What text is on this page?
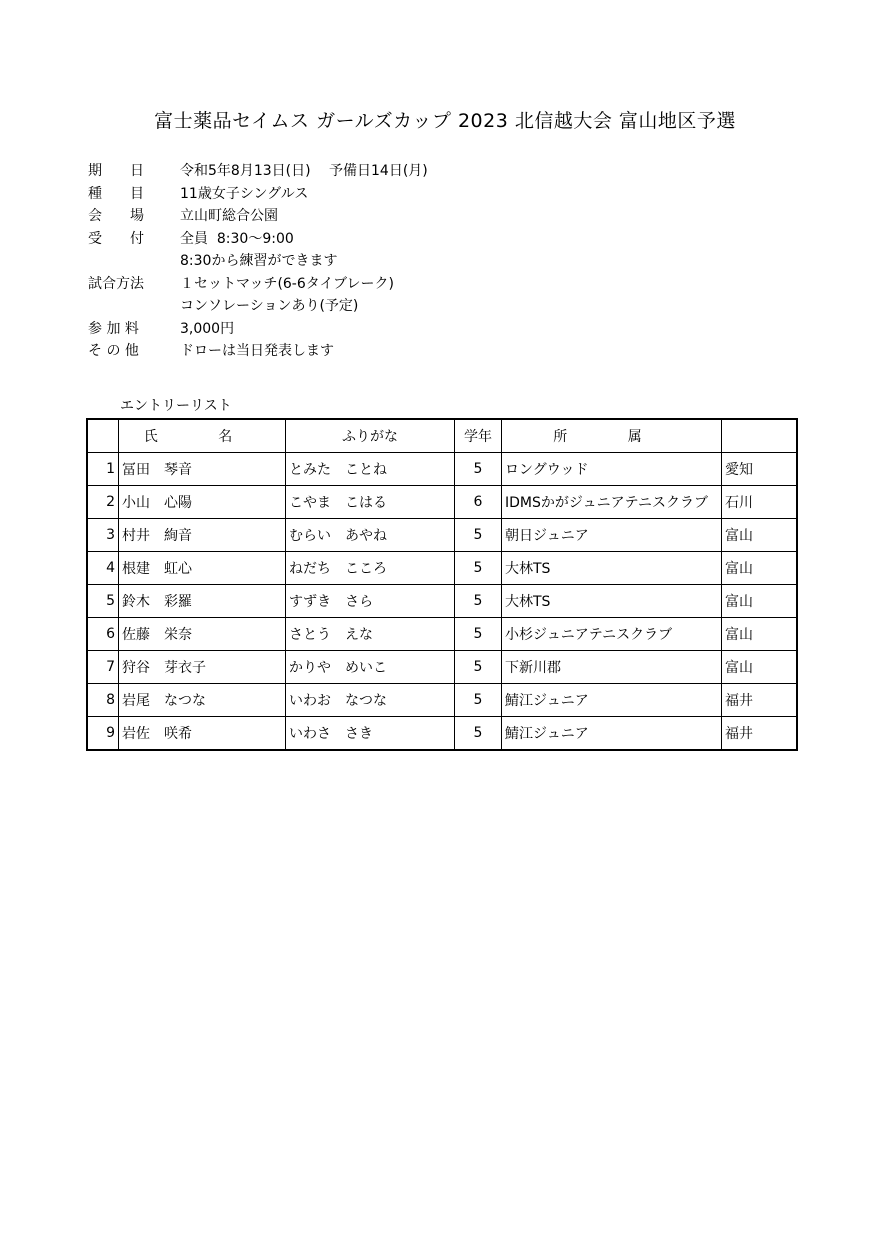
富士薬品セイムス ガールズカップ 2023 北信越大会 富山地区予選
期　　日	令和5年8月13日(日)　 予備日14日(月)
種　　目	11歳女子シングルス
会　　場	立山町総合公園
受　　付	全員  8:30～9:00
8:30から練習ができます
試合方法	１セットマッチ(6-6タイブレーク)
コンソレーションあり(予定)
参 加 料	3,000円
そ の 他	ドローは当日発表します
エントリーリスト
	氏 名	ふりがな	学年	所 属	
1	冨田　琴音	とみた　ことね	5	ロングウッド	愛知
2	小山　心陽	こやま　こはる	6	IDMSかがジュニアテニスクラブ	石川
3	村井　絢音	むらい　あやね	5	朝日ジュニア	富山
4	根建　虹心	ねだち　こころ	5	大林TS	富山
5	鈴木　彩羅	すずき　さら	5	大林TS	富山
6	佐藤　栄奈	さとう　えな	5	小杉ジュニアテニスクラブ	富山
7	狩谷　芽衣子	かりや　めいこ	5	下新川郡	富山
8	岩尾　なつな	いわお　なつな	5	鯖江ジュニア	福井
9	岩佐　咲希	いわさ　さき	5	鯖江ジュニア	福井
